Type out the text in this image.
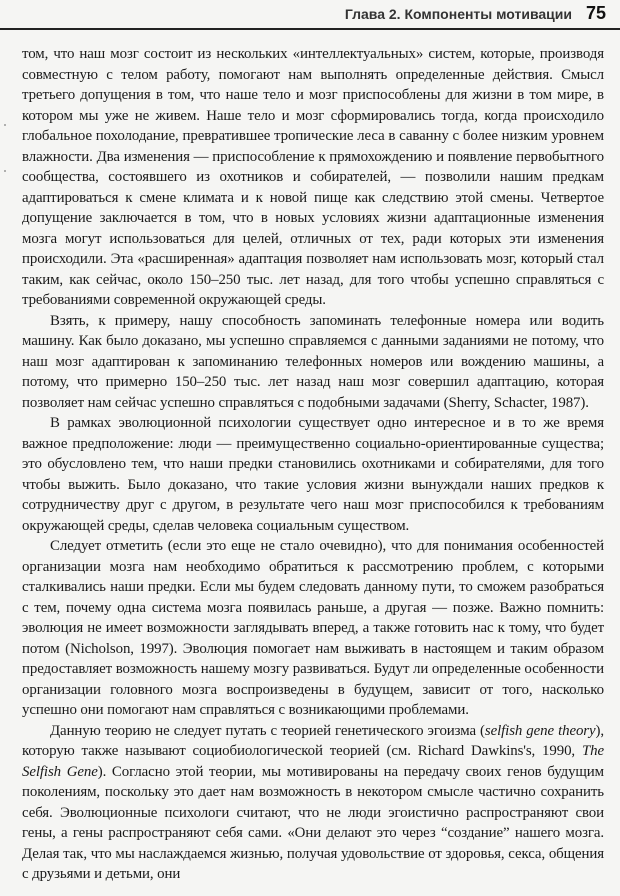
Глава 2. Компоненты мотивации 75

том, что наш мозг состоит из нескольких «интеллектуальных» систем, которые, производя совместную с телом работу, помогают нам выполнять определенные действия. Смысл третьего допущения в том, что наше тело и мозг приспособлены для жизни в том мире, в котором мы уже не живем. Наше тело и мозг сформировались тогда, когда происходило глобальное похолодание, превратившее тропические леса в саванну с более низким уровнем влажности. Два изменения — приспособление к прямохождению и появление первобытного сообщества, состоявшего из охотников и собирателей, — позволили нашим предкам адаптироваться к смене климата и к новой пище как следствию этой смены. Четвертое допущение заключается в том, что в новых условиях жизни адаптационные изменения мозга могут использоваться для целей, отличных от тех, ради которых эти изменения происходили. Эта «расширенная» адаптация позволяет нам использовать мозг, который стал таким, как сейчас, около 150–250 тыс. лет назад, для того чтобы успешно справляться с требованиями современной окружающей среды.

Взять, к примеру, нашу способность запоминать телефонные номера или водить машину. Как было доказано, мы успешно справляемся с данными заданиями не потому, что наш мозг адаптирован к запоминанию телефонных номеров или вождению машины, а потому, что примерно 150–250 тыс. лет назад наш мозг совершил адаптацию, которая позволяет нам сейчас успешно справляться с подобными задачами (Sherry, Schacter, 1987).

В рамках эволюционной психологии существует одно интересное и в то же время важное предположение: люди — преимущественно социально-ориентированные существа; это обусловлено тем, что наши предки становились охотниками и собирателями, для того чтобы выжить. Было доказано, что такие условия жизни вынуждали наших предков к сотрудничеству друг с другом, в результате чего наш мозг приспособился к требованиям окружающей среды, сделав человека социальным существом.

Следует отметить (если это еще не стало очевидно), что для понимания особенностей организации мозга нам необходимо обратиться к рассмотрению проблем, с которыми сталкивались наши предки. Если мы будем следовать данному пути, то сможем разобраться с тем, почему одна система мозга появилась раньше, а другая — позже. Важно помнить: эволюция не имеет возможности заглядывать вперед, а также готовить нас к тому, что будет потом (Nicholson, 1997). Эволюция помогает нам выживать в настоящем и таким образом предоставляет возможность нашему мозгу развиваться. Будут ли определенные особенности организации головного мозга воспроизведены в будущем, зависит от того, насколько успешно они помогают нам справляться с возникающими проблемами.

Данную теорию не следует путать с теорией генетического эгоизма (selfish gene theory), которую также называют социобиологической теорией (см. Richard Dawkins's, 1990, The Selfish Gene). Согласно этой теории, мы мотивированы на передачу своих генов будущим поколениям, поскольку это дает нам возможность в некотором смысле частично сохранить себя. Эволюционные психологи считают, что не люди эгоистично распространяют свои гены, а гены распространяют себя сами. «Они делают это через “создание” нашего мозга. Делая так, что мы наслаждаемся жизнью, получая удовольствие от здоровья, секса, общения с друзьями и детьми, они
